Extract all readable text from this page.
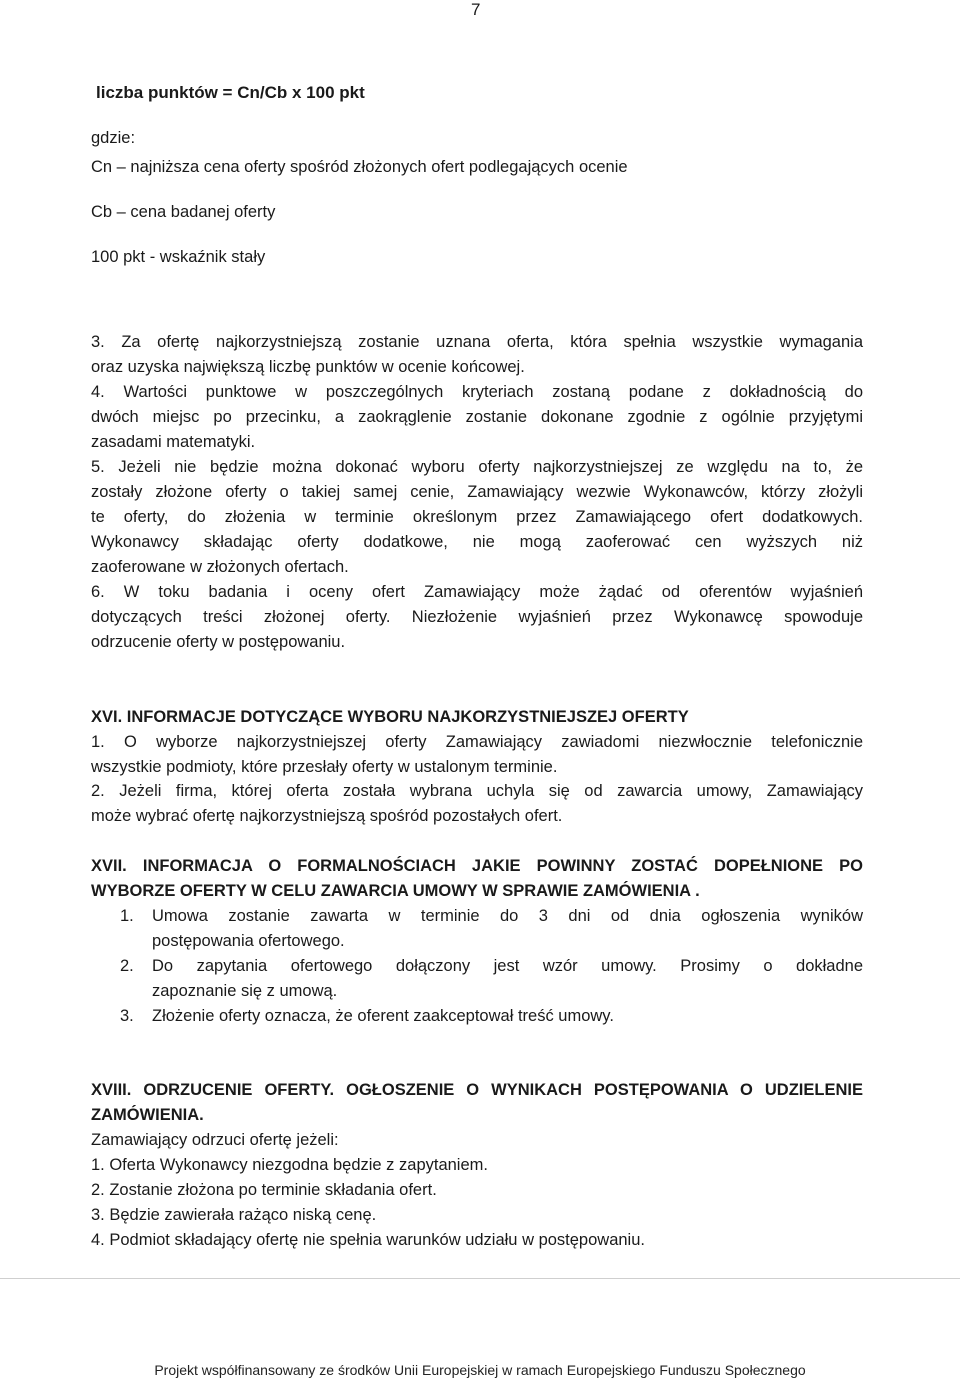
7
liczba punktów = Cn/Cb x 100 pkt
gdzie:
Cn – najniższa cena oferty spośród złożonych ofert podlegających ocenie
Cb – cena badanej oferty
100 pkt - wskaźnik stały
3. Za ofertę najkorzystniejszą zostanie uznana oferta, która spełnia wszystkie wymagania
oraz uzyska największą liczbę punktów w ocenie końcowej.
4. Wartości punktowe w poszczególnych kryteriach zostaną podane z dokładnością do
dwóch miejsc po przecinku, a zaokrąglenie zostanie dokonane zgodnie z ogólnie przyjętymi
zasadami matematyki.
5. Jeżeli nie będzie można dokonać wyboru oferty najkorzystniejszej ze względu na to, że
zostały złożone oferty o takiej samej cenie, Zamawiający wezwie Wykonawców, którzy złożyli
te oferty, do złożenia w terminie określonym przez Zamawiającego ofert dodatkowych.
Wykonawcy składając oferty dodatkowe, nie mogą zaoferować cen wyższych niż
zaoferowane w złożonych ofertach.
6. W toku badania i oceny ofert Zamawiający może żądać od oferentów wyjaśnień
dotyczących treści złożonej oferty. Niezłożenie wyjaśnień przez Wykonawcę spowoduje
odrzucenie oferty w postępowaniu.
XVI. INFORMACJE DOTYCZĄCE WYBORU NAJKORZYSTNIEJSZEJ OFERTY
1. O wyborze najkorzystniejszej oferty Zamawiający zawiadomi niezwłocznie telefonicznie
wszystkie podmioty, które przesłały oferty w ustalonym terminie.
2. Jeżeli firma, której oferta została wybrana uchyla się od zawarcia umowy, Zamawiający
może wybrać ofertę najkorzystniejszą spośród pozostałych ofert.
XVII. INFORMACJA O FORMALNOŚCIACH JAKIE POWINNY ZOSTAĆ DOPEŁNIONE PO
WYBORZE OFERTY W CELU ZAWARCIA UMOWY W SPRAWIE ZAMÓWIENIA .
1. Umowa zostanie zawarta w terminie do 3 dni od dnia ogłoszenia wyników
postępowania ofertowego.
2. Do zapytania ofertowego dołączony jest wzór umowy. Prosimy o dokładne
zapoznanie się z umową.
3. Złożenie oferty oznacza, że oferent zaakceptował treść umowy.
XVIII. ODRZUCENIE OFERTY. OGŁOSZENIE O WYNIKACH POSTĘPOWANIA O UDZIELENIE
ZAMÓWIENIA.
Zamawiający odrzuci ofertę jeżeli:
1. Oferta Wykonawcy niezgodna będzie z zapytaniem.
2. Zostanie złożona po terminie składania ofert.
3. Będzie zawierała rażąco niską cenę.
4. Podmiot składający ofertę nie spełnia warunków udziału w postępowaniu.
Projekt współfinansowany ze środków Unii Europejskiej w ramach Europejskiego Funduszu Społecznego
